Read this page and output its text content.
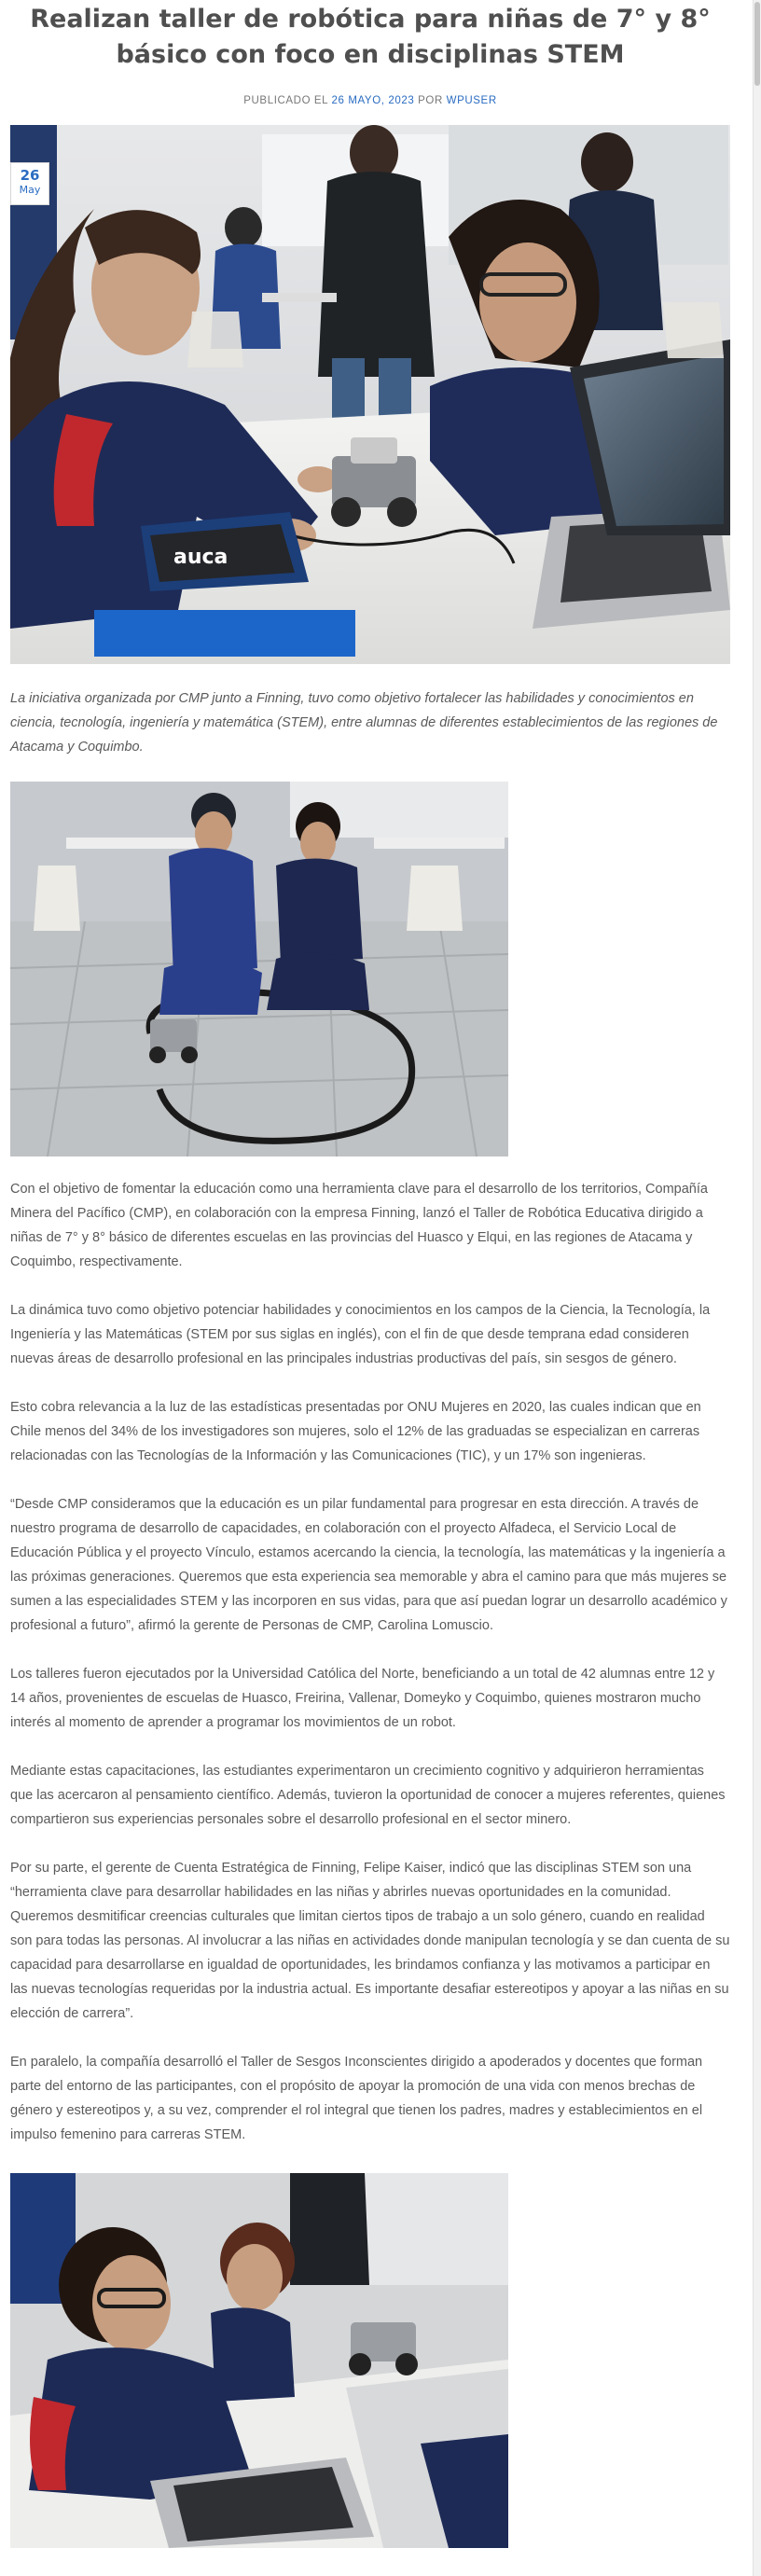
Realizan taller de robótica para niñas de 7° y 8° básico con foco en disciplinas STEM
PUBLICADO EL 26 MAYO, 2023 POR WPUSER
auca
26
May

La iniciativa organizada por CMP junto a Finning, tuvo como objetivo fortalecer las habilidades y conocimientos en ciencia, tecnología, ingeniería y matemática (STEM), entre alumnas de diferentes establecimientos de las regiones de Atacama y Coquimbo.

Con el objetivo de fomentar la educación como una herramienta clave para el desarrollo de los territorios, Compañía Minera del Pacífico (CMP), en colaboración con la empresa Finning, lanzó el Taller de Robótica Educativa dirigido a niñas de 7° y 8° básico de diferentes escuelas en las provincias del Huasco y Elqui, en las regiones de Atacama y Coquimbo, respectivamente.

La dinámica tuvo como objetivo potenciar habilidades y conocimientos en los campos de la Ciencia, la Tecnología, la Ingeniería y las Matemáticas (STEM por sus siglas en inglés), con el fin de que desde temprana edad consideren nuevas áreas de desarrollo profesional en las principales industrias productivas del país, sin sesgos de género.

Esto cobra relevancia a la luz de las estadísticas presentadas por ONU Mujeres en 2020, las cuales indican que en Chile menos del 34% de los investigadores son mujeres, solo el 12% de las graduadas se especializan en carreras relacionadas con las Tecnologías de la Información y las Comunicaciones (TIC), y un 17% son ingenieras.

“Desde CMP consideramos que la educación es un pilar fundamental para progresar en esta dirección. A través de nuestro programa de desarrollo de capacidades, en colaboración con el proyecto Alfadeca, el Servicio Local de Educación Pública y el proyecto Vínculo, estamos acercando la ciencia, la tecnología, las matemáticas y la ingeniería a las próximas generaciones. Queremos que esta experiencia sea memorable y abra el camino para que más mujeres se sumen a las especialidades STEM y las incorporen en sus vidas, para que así puedan lograr un desarrollo académico y profesional a futuro”, afirmó la gerente de Personas de CMP, Carolina Lomuscio.

Los talleres fueron ejecutados por la Universidad Católica del Norte, beneficiando a un total de 42 alumnas entre 12 y 14 años, provenientes de escuelas de Huasco, Freirina, Vallenar, Domeyko y Coquimbo, quienes mostraron mucho interés al momento de aprender a programar los movimientos de un robot.

Mediante estas capacitaciones, las estudiantes experimentaron un crecimiento cognitivo y adquirieron herramientas que las acercaron al pensamiento científico. Además, tuvieron la oportunidad de conocer a mujeres referentes, quienes compartieron sus experiencias personales sobre el desarrollo profesional en el sector minero.

Por su parte, el gerente de Cuenta Estratégica de Finning, Felipe Kaiser, indicó que las disciplinas STEM son una “herramienta clave para desarrollar habilidades en las niñas y abrirles nuevas oportunidades en la comunidad. Queremos desmitificar creencias culturales que limitan ciertos tipos de trabajo a un solo género, cuando en realidad son para todas las personas. Al involucrar a las niñas en actividades donde manipulan tecnología y se dan cuenta de su capacidad para desarrollarse en igualdad de oportunidades, les brindamos confianza y las motivamos a participar en las nuevas tecnologías requeridas por la industria actual. Es importante desafiar estereotipos y apoyar a las niñas en su elección de carrera”.

En paralelo, la compañía desarrolló el Taller de Sesgos Inconscientes dirigido a apoderados y docentes que forman parte del entorno de las participantes, con el propósito de apoyar la promoción de una vida con menos brechas de género y estereotipos y, a su vez, comprender el rol integral que tienen los padres, madres y establecimientos en el impulso femenino para carreras STEM.
